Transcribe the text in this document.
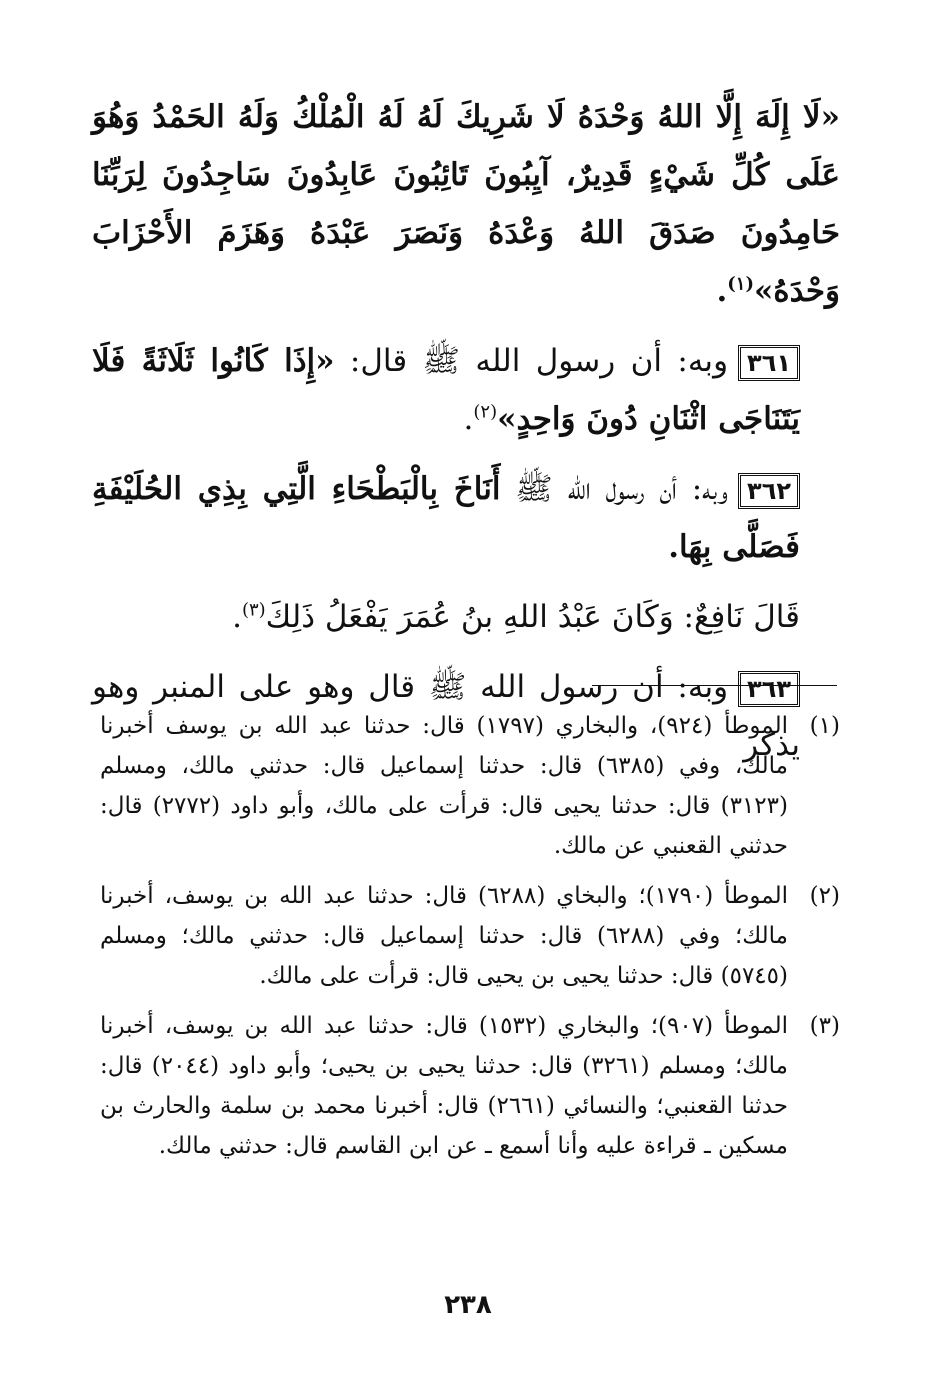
«لَا إِلَهَ إِلَّا اللهُ وَحْدَهُ لَا شَرِيكَ لَهُ لَهُ الْمُلْكُ وَلَهُ الحَمْدُ وَهُوَ عَلَى كُلِّ شَيْءٍ قَدِيرٌ، آيِبُونَ تَائِبُونَ عَابِدُونَ سَاجِدُونَ لِرَبِّنَا حَامِدُونَ صَدَقَ اللهُ وَعْدَهُ وَنَصَرَ عَبْدَهُ وَهَزَمَ الأَحْزَابَ وَحْدَهُ»$^{(١)}$.

٣٦١وبه: أن رسول الله ﷺ قال: «إِذَا كَانُوا ثَلَاثَةً فَلَا يَتَنَاجَى اثْنَانِ دُونَ وَاحِدٍ»$^{(٢)}$.

٣٦٢وبه: أن رسول الله ﷺ أَنَاخَ بِالْبَطْحَاءِ الَّتِي بِذِي الحُلَيْفَةِ فَصَلَّى بِهَا.

قَالَ نَافِعٌ: وَكَانَ عَبْدُ اللهِ بنُ عُمَرَ يَفْعَلُ ذَلِكَ$^{(٣)}$.

٣٦٣وبه: أن رسول الله ﷺ قال وهو على المنبر وهو يذكر

(١)
الموطأ (٩٢٤)، والبخاري (١٧٩٧) قال: حدثنا عبد الله بن يوسف أخبرنا مالك، وفي (٦٣٨٥) قال: حدثنا إسماعيل قال: حدثني مالك، ومسلم (٣١٢٣) قال: حدثنا يحيى قال: قرأت على مالك، وأبو داود (٢٧٧٢) قال: حدثني القعنبي عن مالك.
(٢)
الموطأ (١٧٩٠)؛ والبخاي (٦٢٨٨) قال: حدثنا عبد الله بن يوسف، أخبرنا مالك؛ وفي (٦٢٨٨) قال: حدثنا إسماعيل قال: حدثني مالك؛ ومسلم (٥٧٤٥) قال: حدثنا يحيى بن يحيى قال: قرأت على مالك.
(٣)
الموطأ (٩٠٧)؛ والبخاري (١٥٣٢) قال: حدثنا عبد الله بن يوسف، أخبرنا مالك؛ ومسلم (٣٢٦١) قال: حدثنا يحيى بن يحيى؛ وأبو داود (٢٠٤٤) قال: حدثنا القعنبي؛ والنسائي (٢٦٦١) قال: أخبرنا محمد بن سلمة والحارث بن مسكين ـ قراءة عليه وأنا أسمع ـ عن ابن القاسم قال: حدثني مالك.
٢٣٨
